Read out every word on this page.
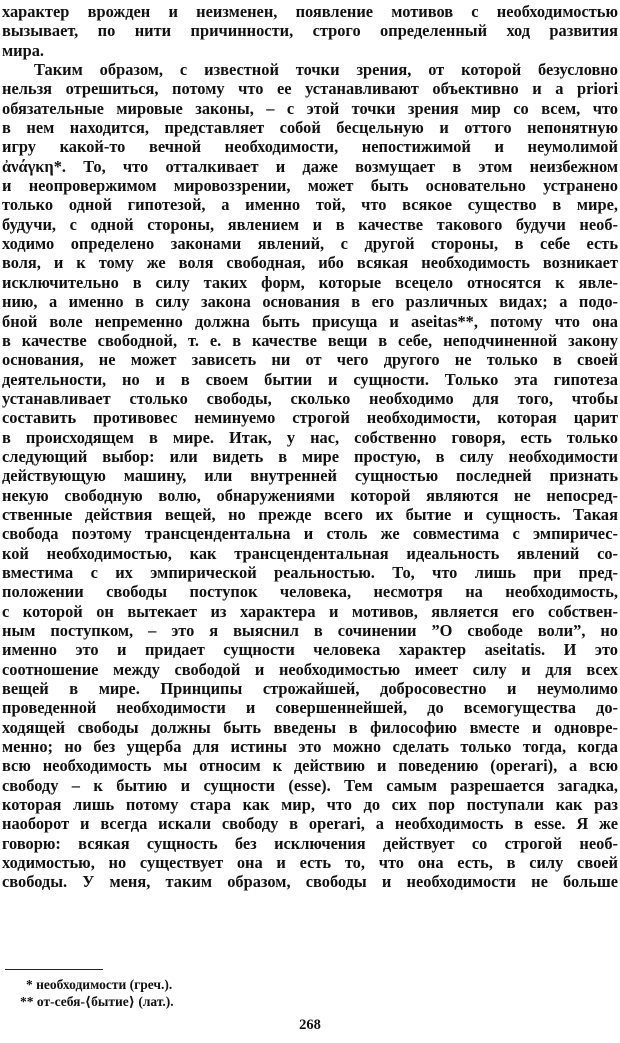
характер врожден и неизменен, появление мотивов с необходимостью
вызывает, по нити причинности, строго определенный ход развития
мира.
Таким образом, с известной точки зрения, от которой безусловно
нельзя отрешиться, потому что ее устанавливают объективно и a priori
обязательные мировые законы, – с этой точки зрения мир со всем, что
в нем находится, представляет собой бесцельную и оттого непонятную
игру какой-то вечной необходимости, непостижимой и неумолимой
ἀνάγκη*. То, что отталкивает и даже возмущает в этом неизбежном
и неопровержимом мировоззрении, может быть основательно устранено
только одной гипотезой, а именно той, что всякое существо в мире,
будучи, с одной стороны, явлением и в качестве такового будучи необ-
ходимо определено законами явлений, с другой стороны, в себе есть
воля, и к тому же воля свободная, ибо всякая необходимость возникает
исключительно в силу таких форм, которые всецело относятся к явле-
нию, а именно в силу закона основания в его различных видах; а подо-
бной воле непременно должна быть присуща и aseitas**, потому что она
в качестве свободной, т. е. в качестве вещи в себе, неподчиненной закону
основания, не может зависеть ни от чего другого не только в своей
деятельности, но и в своем бытии и сущности. Только эта гипотеза
устанавливает столько свободы, сколько необходимо для того, чтобы
составить противовес неминуемо строгой необходимости, которая царит
в происходящем в мире. Итак, у нас, собственно говоря, есть только
следующий выбор: или видеть в мире простую, в силу необходимости
действующую машину, или внутренней сущностью последней признать
некую свободную волю, обнаружениями которой являются не непосред-
ственные действия вещей, но прежде всего их бытие и сущность. Такая
свобода поэтому трансцендентальна и столь же совместима с эмпиричес-
кой необходимостью, как трансцендентальная идеальность явлений со-
вместима с их эмпирической реальностью. То, что лишь при пред-
положении свободы поступок человека, несмотря на необходимость,
с которой он вытекает из характера и мотивов, является его собствен-
ным поступком, – это я выяснил в сочинении ”О свободе воли”, но
именно это и придает сущности человека характер aseitatis. И это
соотношение между свободой и необходимостью имеет силу и для всех
вещей в мире. Принципы строжайшей, добросовестно и неумолимо
проведенной необходимости и совершеннейшей, до всемогущества до-
ходящей свободы должны быть введены в философию вместе и одновре-
менно; но без ущерба для истины это можно сделать только тогда, когда
всю необходимость мы относим к действию и поведению (operari), а всю
свободу – к бытию и сущности (esse). Тем самым разрешается загадка,
которая лишь потому стара как мир, что до сих пор поступали как раз
наоборот и всегда искали свободу в operari, а необходимость в esse. Я же
говорю: всякая сущность без исключения действует со строгой необ-
ходимостью, но существует она и есть то, что она есть, в силу своей
свободы. У меня, таким образом, свободы и необходимости не больше
* необходимости (греч.).
** от-себя-⟨бытие⟩ (лат.).
268
